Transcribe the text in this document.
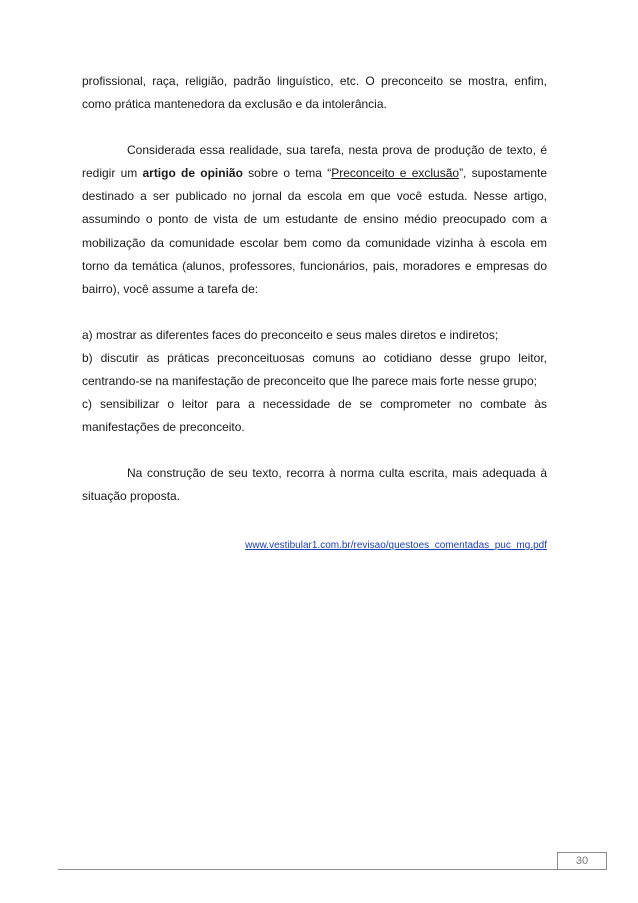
profissional, raça, religião, padrão linguístico, etc. O preconceito se mostra, enfim, como prática mantenedora da exclusão e da intolerância.

Considerada essa realidade, sua tarefa, nesta prova de produção de texto, é redigir um artigo de opinião sobre o tema “Preconceito e exclusão”, supostamente destinado a ser publicado no jornal da escola em que você estuda. Nesse artigo, assumindo o ponto de vista de um estudante de ensino médio preocupado com a mobilização da comunidade escolar bem como da comunidade vizinha à escola em torno da temática (alunos, professores, funcionários, pais, moradores e empresas do bairro), você assume a tarefa de:

a) mostrar as diferentes faces do preconceito e seus males diretos e indiretos;

b) discutir as práticas preconceituosas comuns ao cotidiano desse grupo leitor, centrando-se na manifestação de preconceito que lhe parece mais forte nesse grupo;

c) sensibilizar o leitor para a necessidade de se comprometer no combate às manifestações de preconceito.

Na construção de seu texto, recorra à norma culta escrita, mais adequada à situação proposta.

www.vestibular1.com.br/revisao/questoes_comentadas_puc_mg.pdf
30
